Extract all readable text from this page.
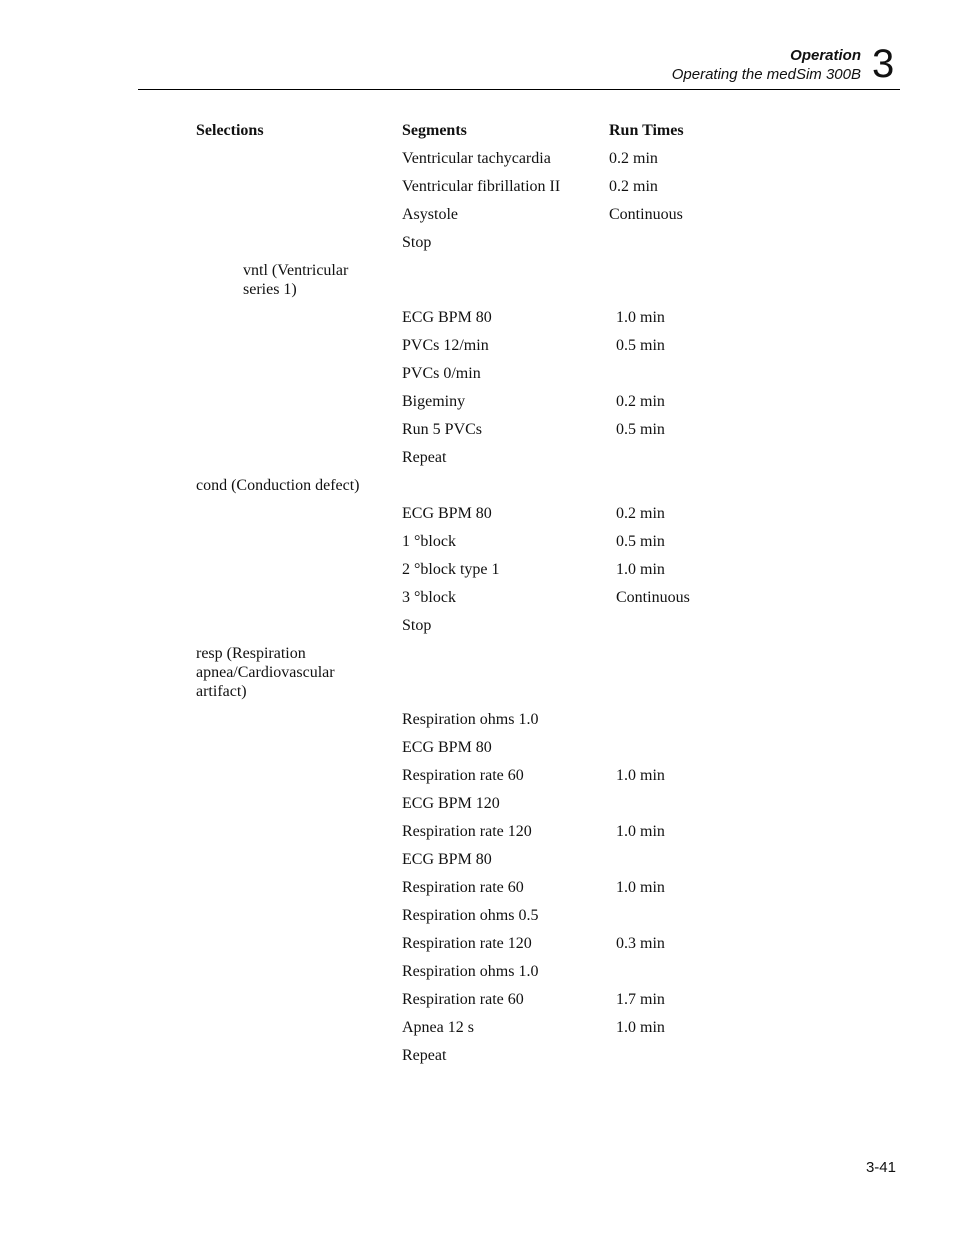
Operation
Operating the medSim 300B 3
Selections	Segments	Run Times
Ventricular tachycardia	0.2 min
Ventricular fibrillation II	0.2 min
Asystole	Continuous
Stop
vntl (Ventricular
series 1)
ECG BPM 80	1.0 min
PVCs 12/min	0.5 min
PVCs 0/min
Bigeminy	0.2 min
Run 5 PVCs	0.5 min
Repeat
cond (Conduction defect)
ECG BPM 80	0.2 min
1 °block	0.5 min
2 °block type 1	1.0 min
3 °block	Continuous
Stop
resp (Respiration
apnea/Cardiovascular
artifact)
Respiration ohms 1.0
ECG BPM 80
Respiration rate 60	1.0 min
ECG BPM 120
Respiration rate 120	1.0 min
ECG BPM 80
Respiration rate 60	1.0 min
Respiration ohms 0.5
Respiration rate 120	0.3 min
Respiration ohms 1.0
Respiration rate 60	1.7 min
Apnea 12 s	1.0 min
Repeat
3-41
